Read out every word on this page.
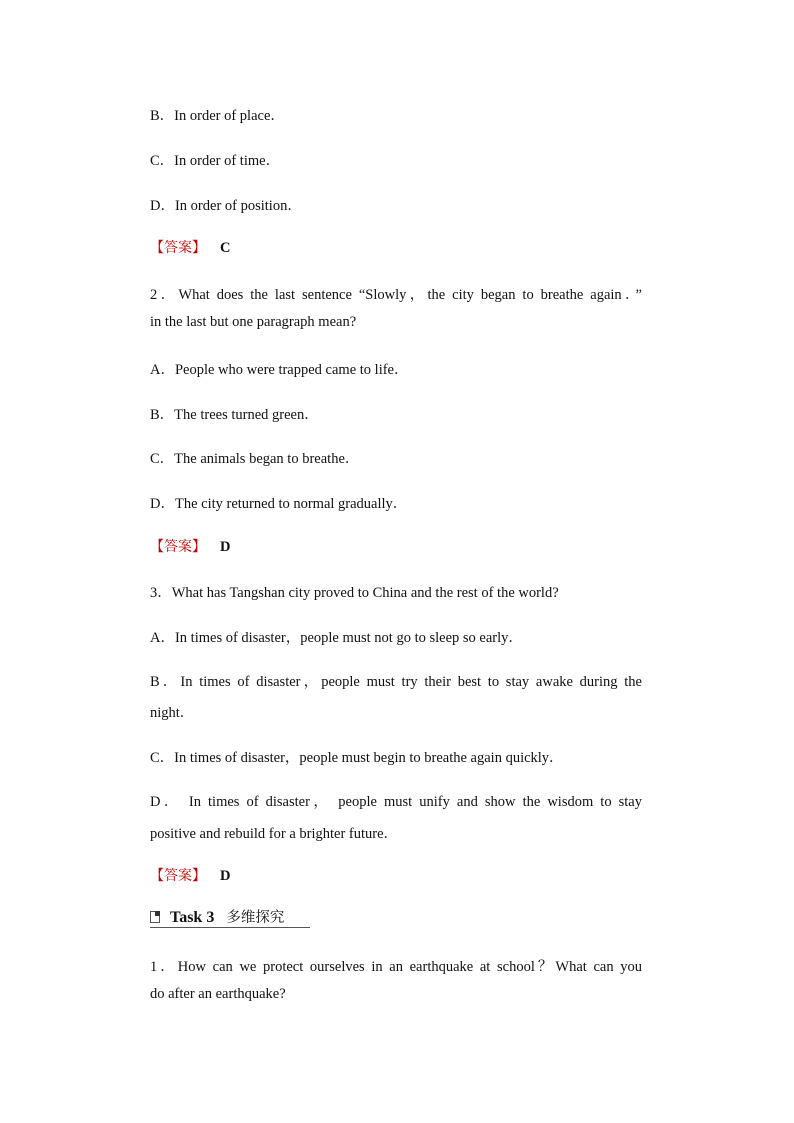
B．In order of place．
C．In order of time．
D．In order of position．
【答案】 C
2．What does the last sentence “Slowly，the city began to breathe again．”
in the last but one paragraph mean?
A．People who were trapped came to life．
B．The trees turned green．
C．The animals began to breathe．
D．The city returned to normal gradually．
【答案】 D
3．What has Tangshan city proved to China and the rest of the world?
A．In times of disaster，people must not go to sleep so early．
B．In times of disaster，people must try their best to stay awake during the
night．
C．In times of disaster，people must begin to breathe again quickly．
D． In times of disaster， people must unify and show the wisdom to stay
positive and rebuild for a brighter future．
【答案】 D
Task 3 多维探究
1．How can we protect ourselves in an earthquake at school？What can you
do after an earthquake?
